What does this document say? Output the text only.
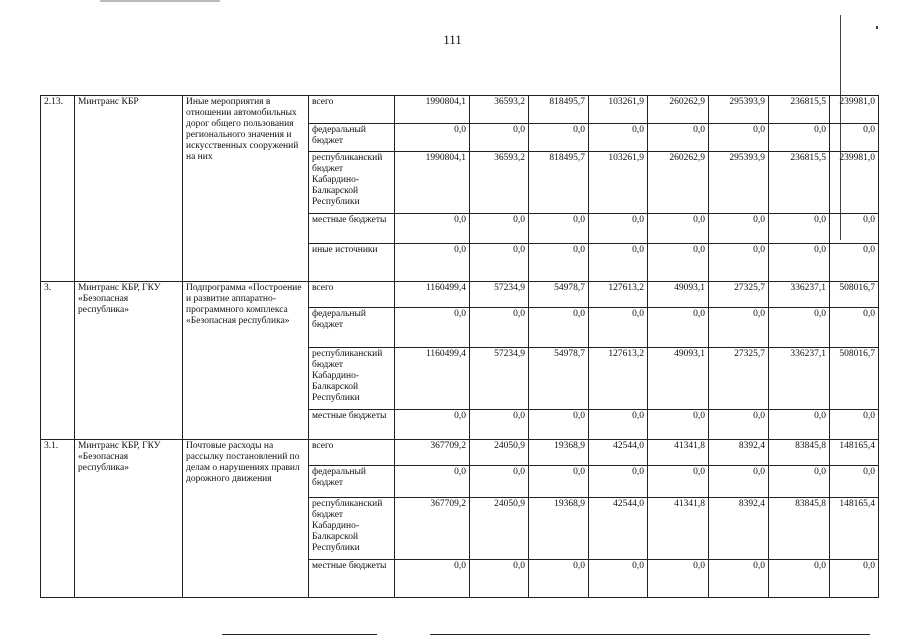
111
2.13.	Минтранс КБР	Иные мероприятия в отношении автомобильных дорог общего пользования регионального значения и искусственных сооружений на них	всего	1990804,1	36593,2	818495,7	103261,9	260262,9	295393,9	236815,5	239981,0
			федеральный бюджет	0,0	0,0	0,0	0,0	0,0	0,0	0,0	0,0
			республиканский бюджет Кабардино-Балкарской Республики	1990804,1	36593,2	818495,7	103261,9	260262,9	295393,9	236815,5	239981,0
			местные бюджеты	0,0	0,0	0,0	0,0	0,0	0,0	0,0	0,0
			иные источники	0,0	0,0	0,0	0,0	0,0	0,0	0,0	0,0
3.	Минтранс КБР, ГКУ «Безопасная республика»	Подпрограмма «Построение и развитие аппаратно-программного комплекса «Безопасная республика»	всего	1160499,4	57234,9	54978,7	127613,2	49093,1	27325,7	336237,1	508016,7
			федеральный бюджет	0,0	0,0	0,0	0,0	0,0	0,0	0,0	0,0
			республиканский бюджет Кабардино-Балкарской Республики	1160499,4	57234,9	54978,7	127613,2	49093,1	27325,7	336237,1	508016,7
			местные бюджеты	0,0	0,0	0,0	0,0	0,0	0,0	0,0	0,0
3.1.	Минтранс КБР, ГКУ «Безопасная республика»	Почтовые расходы на рассылку постановлений по делам о нарушениях правил дорожного движения	всего	367709,2	24050,9	19368,9	42544,0	41341,8	8392,4	83845,8	148165,4
			федеральный бюджет	0,0	0,0	0,0	0,0	0,0	0,0	0,0	0,0
			республиканский бюджет Кабардино-Балкарской Республики	367709,2	24050,9	19368,9	42544,0	41341,8	8392,4	83845,8	148165,4
			местные бюджеты	0,0	0,0	0,0	0,0	0,0	0,0	0,0	0,0
